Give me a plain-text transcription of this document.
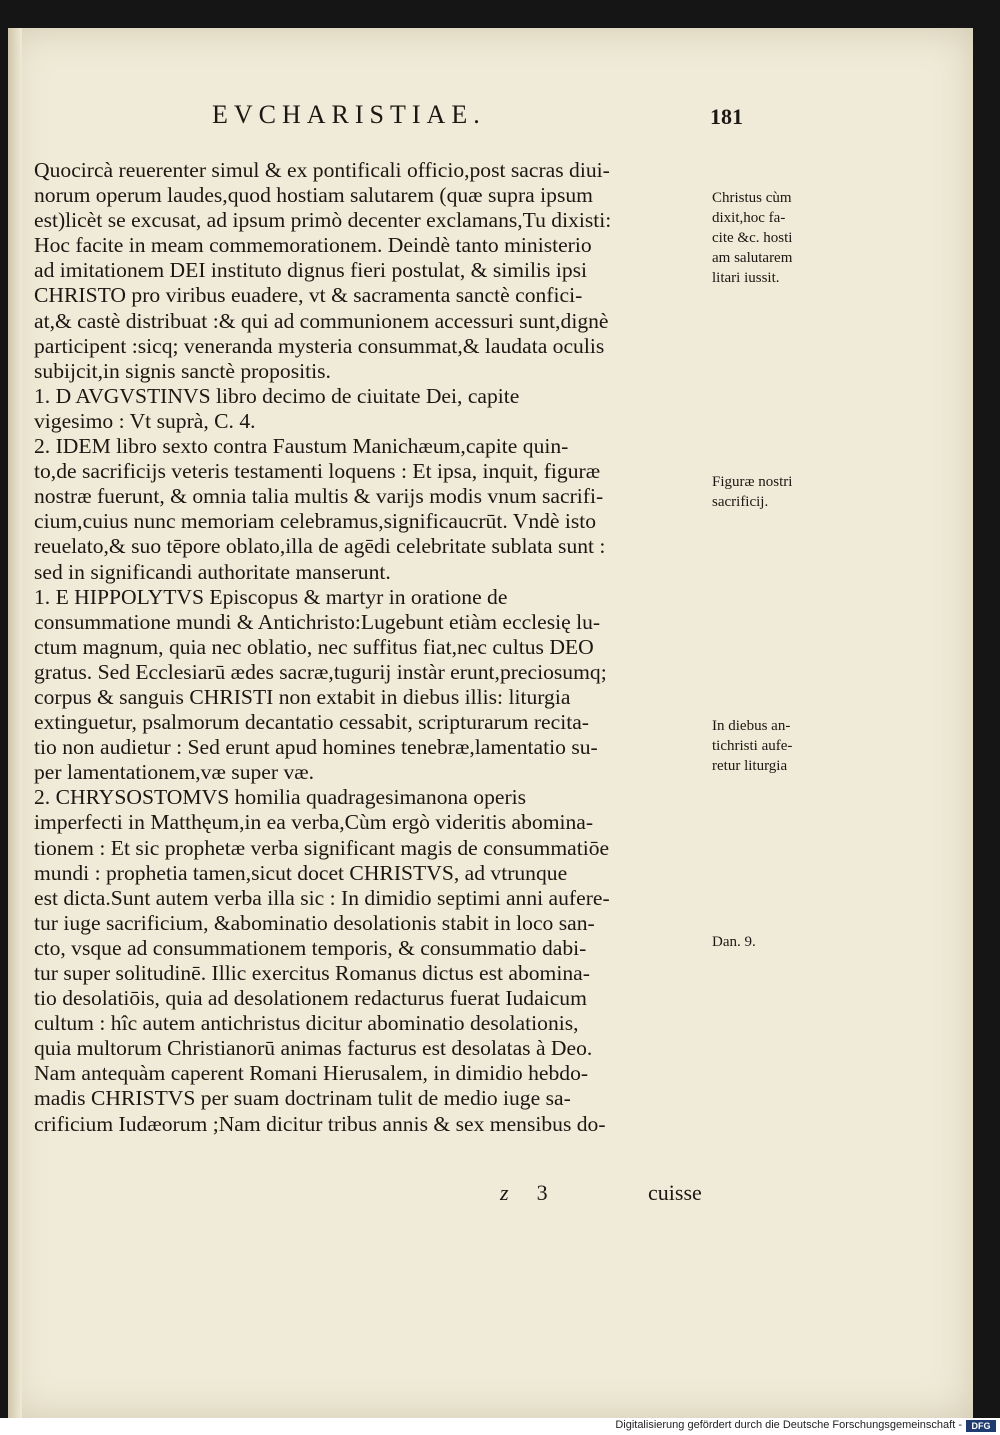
EVCHARISTIAE.	181
Quocircà reuerenter simul & ex pontificali officio,post sacras diui-
norum operum laudes,quod hostiam salutarem (quæ supra ipsum
est)licèt se excusat, ad ipsum primò decenter exclamans,Tu dixisti:
Hoc facite in meam commemorationem. Deindè tanto ministerio
ad imitationem DEI instituto dignus fieri postulat, & similis ipsi
CHRISTO pro viribus euadere, vt & sacramenta sanctè confici-
at,& castè distribuat :& qui ad communionem accessuri sunt,dignè
participent :sicq; veneranda mysteria consummat,& laudata oculis
subijcit,in signis sanctè propositis.
1. D AVGVSTINVS libro decimo de ciuitate Dei, capite
vigesimo : Vt suprà, C. 4.
2. IDEM libro sexto contra Faustum Manichæum,capite quin-
to,de sacrificijs veteris testamenti loquens : Et ipsa, inquit, figuræ
nostræ fuerunt, & omnia talia multis & varijs modis vnum sacrifi-
cium,cuius nunc memoriam celebramus,significaucrūt. Vndè isto
reuelato,& suo tēpore oblato,illa de agēdi celebritate sublata sunt :
sed in significandi authoritate manserunt.
1. E HIPPOLYTVS Episcopus & martyr in oratione de
consummatione mundi & Antichristo:Lugebunt etiàm ecclesię lu-
ctum magnum, quia nec oblatio, nec suffitus fiat,nec cultus DEO
gratus. Sed Ecclesiarū ædes sacræ,tugurij instàr erunt,preciosumq;
corpus & sanguis CHRISTI non extabit in diebus illis: liturgia
extinguetur, psalmorum decantatio cessabit, scripturarum recita-
tio non audietur : Sed erunt apud homines tenebræ,lamentatio su-
per lamentationem,væ super væ.
2. CHRYSOSTOMVS homilia quadragesimanona operis
imperfecti in Matthęum,in ea verba,Cùm ergò videritis abomina-
tionem : Et sic prophetæ verba significant magis de consummatiōe
mundi : prophetia tamen,sicut docet CHRISTVS, ad vtrunque
est dicta.Sunt autem verba illa sic : In dimidio septimi anni aufere-
tur iuge sacrificium, &abominatio desolationis stabit in loco san-
cto, vsque ad consummationem temporis, & consummatio dabi-
tur super solitudinē. Illic exercitus Romanus dictus est abomina-
tio desolatiōis, quia ad desolationem redacturus fuerat Iudaicum
cultum : hîc autem antichristus dicitur abominatio desolationis,
quia multorum Christianorū animas facturus est desolatas à Deo.
Nam antequàm caperent Romani Hierusalem, in dimidio hebdo-
madis CHRISTVS per suam doctrinam tulit de medio iuge sa-
crificium Iudæorum ;Nam dicitur tribus annis & sex mensibus do-
Christus cùm
dixit,hoc fa-
cite &c. hosti
am salutarem
litari iussit.
Figuræ nostri
sacrificij.
In diebus an-
tichristi aufe-
retur liturgia
Dan. 9.
z 3	cuisse
Digitalisierung gefördert durch die Deutsche Forschungsgemeinschaft -	DFG
